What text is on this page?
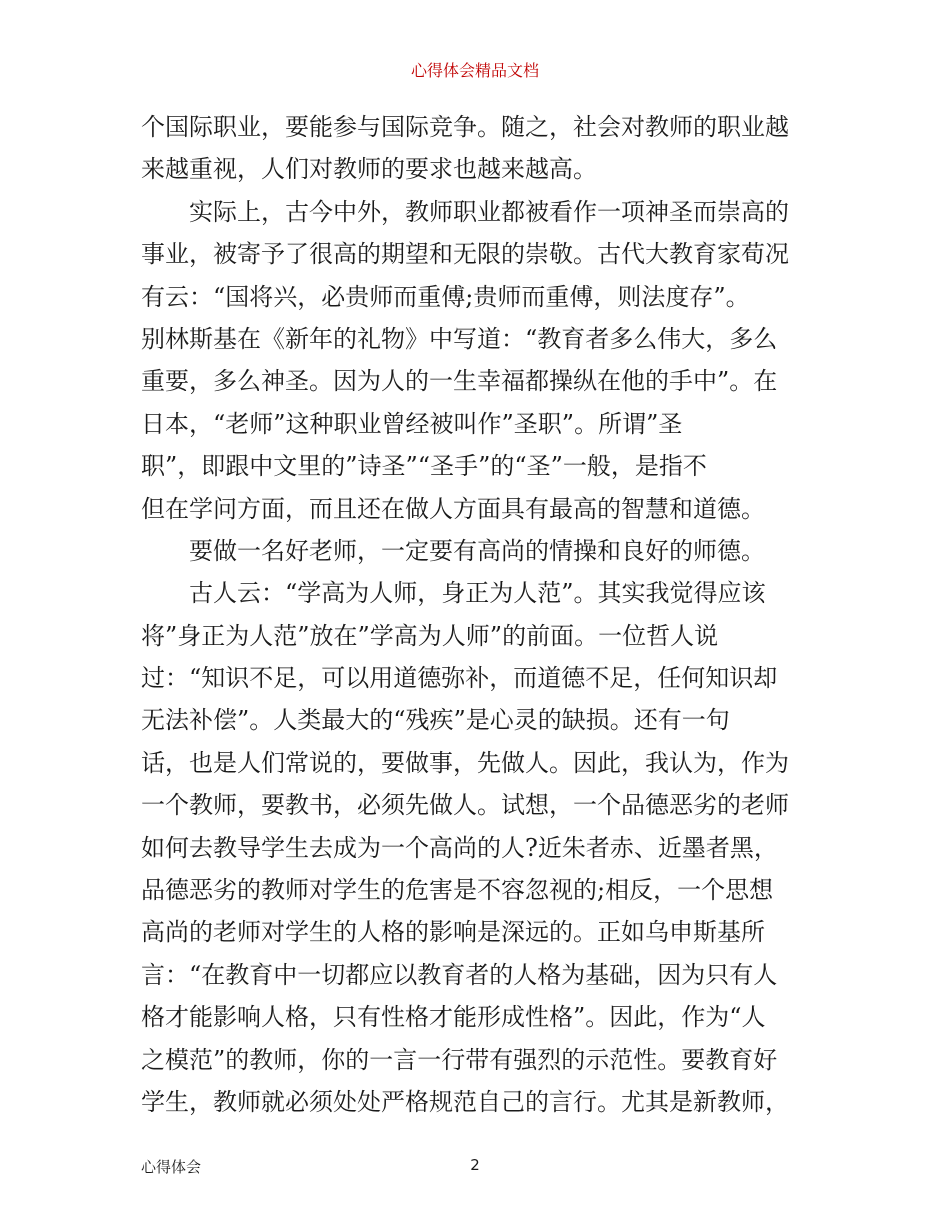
心得体会精品文档
个国际职业，要能参与国际竞争。随之，社会对教师的职业越
来越重视，人们对教师的要求也越来越高。
实际上，古今中外，教师职业都被看作一项神圣而崇高的
事业，被寄予了很高的期望和无限的崇敬。古代大教育家荀况
有云：“国将兴，必贵师而重傅;贵师而重傅，则法度存”。
别林斯基在《新年的礼物》中写道：“教育者多么伟大，多么
重要，多么神圣。因为人的一生幸福都操纵在他的手中”。在
日本，“老师”这种职业曾经被叫作”圣职”。所谓”圣
职”，即跟中文里的”诗圣”“圣手”的“圣”一般，是指不
但在学问方面，而且还在做人方面具有最高的智慧和道德。
要做一名好老师，一定要有高尚的情操和良好的师德。
古人云：“学高为人师，身正为人范”。其实我觉得应该
将”身正为人范”放在”学高为人师”的前面。一位哲人说
过：“知识不足，可以用道德弥补，而道德不足，任何知识却
无法补偿”。人类最大的“残疾”是心灵的缺损。还有一句
话，也是人们常说的，要做事，先做人。因此，我认为，作为
一个教师，要教书，必须先做人。试想，一个品德恶劣的老师
如何去教导学生去成为一个高尚的人?近朱者赤、近墨者黑，
品德恶劣的教师对学生的危害是不容忽视的;相反，一个思想
高尚的老师对学生的人格的影响是深远的。正如乌申斯基所
言：“在教育中一切都应以教育者的人格为基础，因为只有人
格才能影响人格，只有性格才能形成性格”。因此，作为“人
之模范”的教师，你的一言一行带有强烈的示范性。要教育好
学生，教师就必须处处严格规范自己的言行。尤其是新教师，
心得体会	2
